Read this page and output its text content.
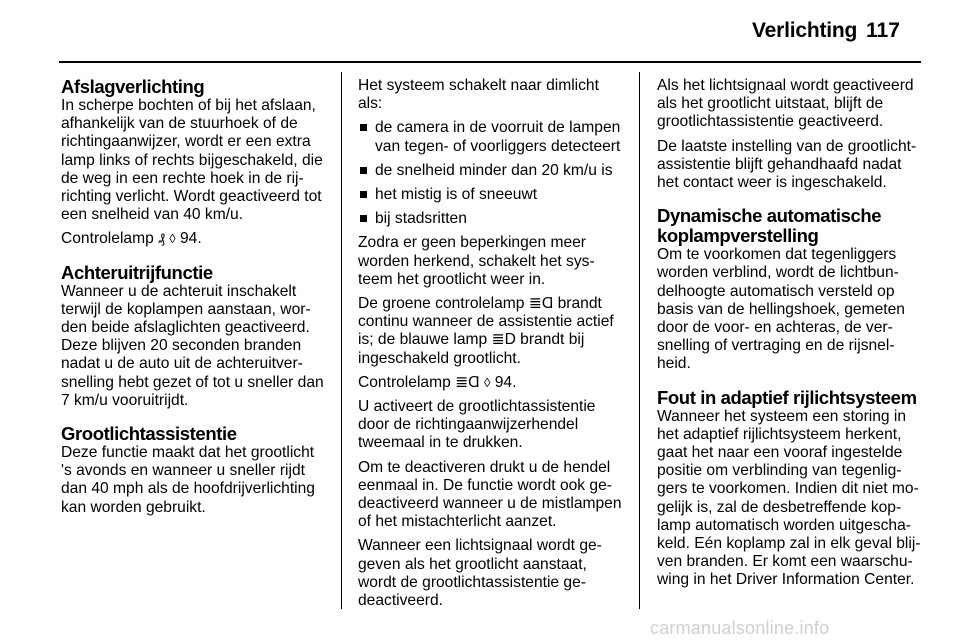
Verlichting 117
Afslagverlichting

In scherpe bochten of bij het afslaan, afhankelijk van de stuurhoek of de richtingaanwijzer, wordt er een extra lamp links of rechts bijgeschakeld, die de weg in een rechte hoek in de rijrichting verlicht. Wordt geactiveerd tot een snelheid van 40 km/u.

Controlelamp ₰ ◊ 94.

Achteruitrijfunctie

Wanneer u de achteruit inschakelt terwijl de koplampen aanstaan, worden beide afslaglichten geactiveerd. Deze blijven 20 seconden branden nadat u de auto uit de achteruitversnelling hebt gezet of tot u sneller dan 7 km/u vooruitrijdt.

Grootlichtassistentie

Deze functie maakt dat het grootlicht 's avonds en wanneer u sneller rijdt dan 40 mph als de hoofdrijverlichting kan worden gebruikt.

Het systeem schakelt naar dimlicht als:

de camera in de voorruit de lampen van tegen- of voorliggers detecteert
de snelheid minder dan 20 km/u is
het mistig is of sneeuwt
bij stadsritten

Zodra er geen beperkingen meer worden herkend, schakelt het systeem het grootlicht weer in.

De groene controlelamp ≣Ɑ brandt continu wanneer de assistentie actief is; de blauwe lamp ≣D brandt bij ingeschakeld grootlicht.

Controlelamp ≣Ɑ ◊ 94.

U activeert de grootlichtassistentie door de richtingaanwijzerhendel tweemaal in te drukken.

Om te deactiveren drukt u de hendel eenmaal in. De functie wordt ook gedeactiveerd wanneer u de mistlampen of het mistachterlicht aanzet.

Wanneer een lichtsignaal wordt gegeven als het grootlicht aanstaat, wordt de grootlichtassistentie gedeactiveerd.

Als het lichtsignaal wordt geactiveerd als het grootlicht uitstaat, blijft de grootlichtassistentie geactiveerd.

De laatste instelling van de grootlichtassistentie blijft gehandhaafd nadat het contact weer is ingeschakeld.

Dynamische automatische koplampverstelling

Om te voorkomen dat tegenliggers worden verblind, wordt de lichtbundelhoogte automatisch versteld op basis van de hellingshoek, gemeten door de voor- en achteras, de versnelling of vertraging en de rijsnelheid.

Fout in adaptief rijlichtsysteem

Wanneer het systeem een storing in het adaptief rijlichtsysteem herkent, gaat het naar een vooraf ingestelde positie om verblinding van tegenliggers te voorkomen. Indien dit niet mogelijk is, zal de desbetreffende koplamp automatisch worden uitgeschakeld. Eén koplamp zal in elk geval blijven branden. Er komt een waarschuwing in het Driver Information Center.

carmanualsonline.info
